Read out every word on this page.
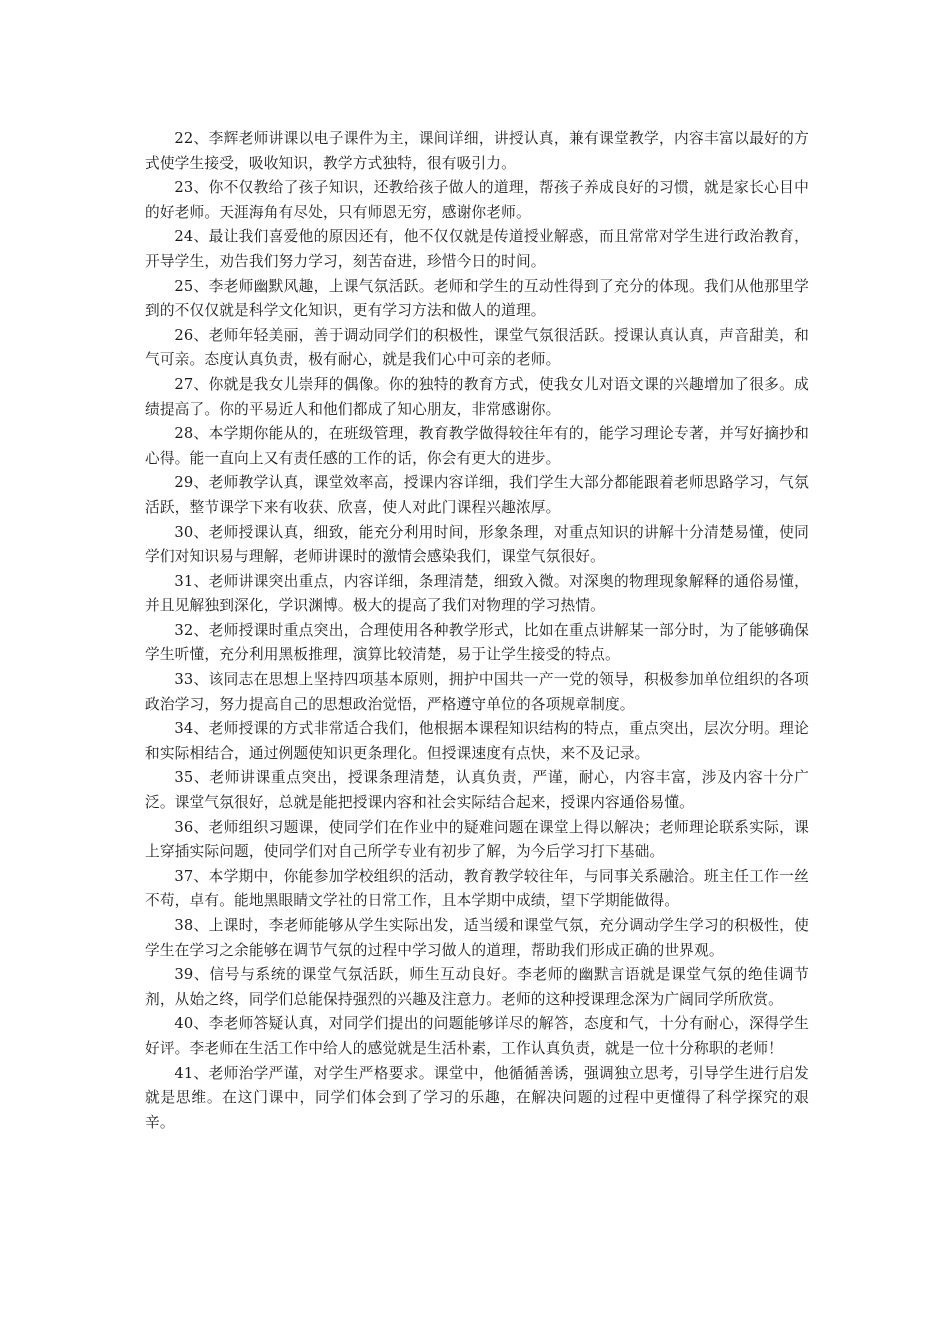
22、李辉老师讲课以电子课件为主，课间详细，讲授认真，兼有课堂教学，内容丰富以最好的方式使学生接受，吸收知识，教学方式独特，很有吸引力。

23、你不仅教给了孩子知识，还教给孩子做人的道理，帮孩子养成良好的习惯，就是家长心目中的好老师。天涯海角有尽处，只有师恩无穷，感谢你老师。

24、最让我们喜爱他的原因还有，他不仅仅就是传道授业解惑，而且常常对学生进行政治教育，开导学生，劝告我们努力学习，刻苦奋进，珍惜今日的时间。

25、李老师幽默风趣，上课气氛活跃。老师和学生的互动性得到了充分的体现。我们从他那里学到的不仅仅就是科学文化知识，更有学习方法和做人的道理。

26、老师年轻美丽，善于调动同学们的积极性，课堂气氛很活跃。授课认真认真，声音甜美，和气可亲。态度认真负责，极有耐心，就是我们心中可亲的老师。

27、你就是我女儿崇拜的偶像。你的独特的教育方式，使我女儿对语文课的兴趣增加了很多。成绩提高了。你的平易近人和他们都成了知心朋友，非常感谢你。

28、本学期你能从的，在班级管理，教育教学做得较往年有的，能学习理论专著，并写好摘抄和心得。能一直向上又有责任感的工作的话，你会有更大的进步。

29、老师教学认真，课堂效率高，授课内容详细，我们学生大部分都能跟着老师思路学习，气氛活跃，整节课学下来有收获、欣喜，使人对此门课程兴趣浓厚。

30、老师授课认真，细致，能充分利用时间，形象条理，对重点知识的讲解十分清楚易懂，使同学们对知识易与理解，老师讲课时的激情会感染我们，课堂气氛很好。

31、老师讲课突出重点，内容详细，条理清楚，细致入微。对深奥的物理现象解释的通俗易懂，并且见解独到深化，学识渊博。极大的提高了我们对物理的学习热情。

32、老师授课时重点突出，合理使用各种教学形式，比如在重点讲解某一部分时，为了能够确保学生听懂，充分利用黑板推理，演算比较清楚，易于让学生接受的特点。

33、该同志在思想上坚持四项基本原则，拥护中国共一产一党的领导，积极参加单位组织的各项政治学习，努力提高自己的思想政治觉悟，严格遵守单位的各项规章制度。

34、老师授课的方式非常适合我们，他根据本课程知识结构的特点，重点突出，层次分明。理论和实际相结合，通过例题使知识更条理化。但授课速度有点快，来不及记录。

35、老师讲课重点突出，授课条理清楚，认真负责，严谨，耐心，内容丰富，涉及内容十分广泛。课堂气氛很好，总就是能把授课内容和社会实际结合起来，授课内容通俗易懂。

36、老师组织习题课，使同学们在作业中的疑难问题在课堂上得以解决；老师理论联系实际，课上穿插实际问题，使同学们对自己所学专业有初步了解，为今后学习打下基础。

37、本学期中，你能参加学校组织的活动，教育教学较往年，与同事关系融洽。班主任工作一丝不苟，卓有。能地黑眼睛文学社的日常工作，且本学期中成绩，望下学期能做得。

38、上课时，李老师能够从学生实际出发，适当缓和课堂气氛，充分调动学生学习的积极性，使学生在学习之余能够在调节气氛的过程中学习做人的道理，帮助我们形成正确的世界观。

39、信号与系统的课堂气氛活跃，师生互动良好。李老师的幽默言语就是课堂气氛的绝佳调节剂，从始之终，同学们总能保持强烈的兴趣及注意力。老师的这种授课理念深为广阔同学所欣赏。

40、李老师答疑认真，对同学们提出的问题能够详尽的解答，态度和气，十分有耐心，深得学生好评。李老师在生活工作中给人的感觉就是生活朴素，工作认真负责，就是一位十分称职的老师！

41、老师治学严谨，对学生严格要求。课堂中，他循循善诱，强调独立思考，引导学生进行启发就是思维。在这门课中，同学们体会到了学习的乐趣，在解决问题的过程中更懂得了科学探究的艰辛。
